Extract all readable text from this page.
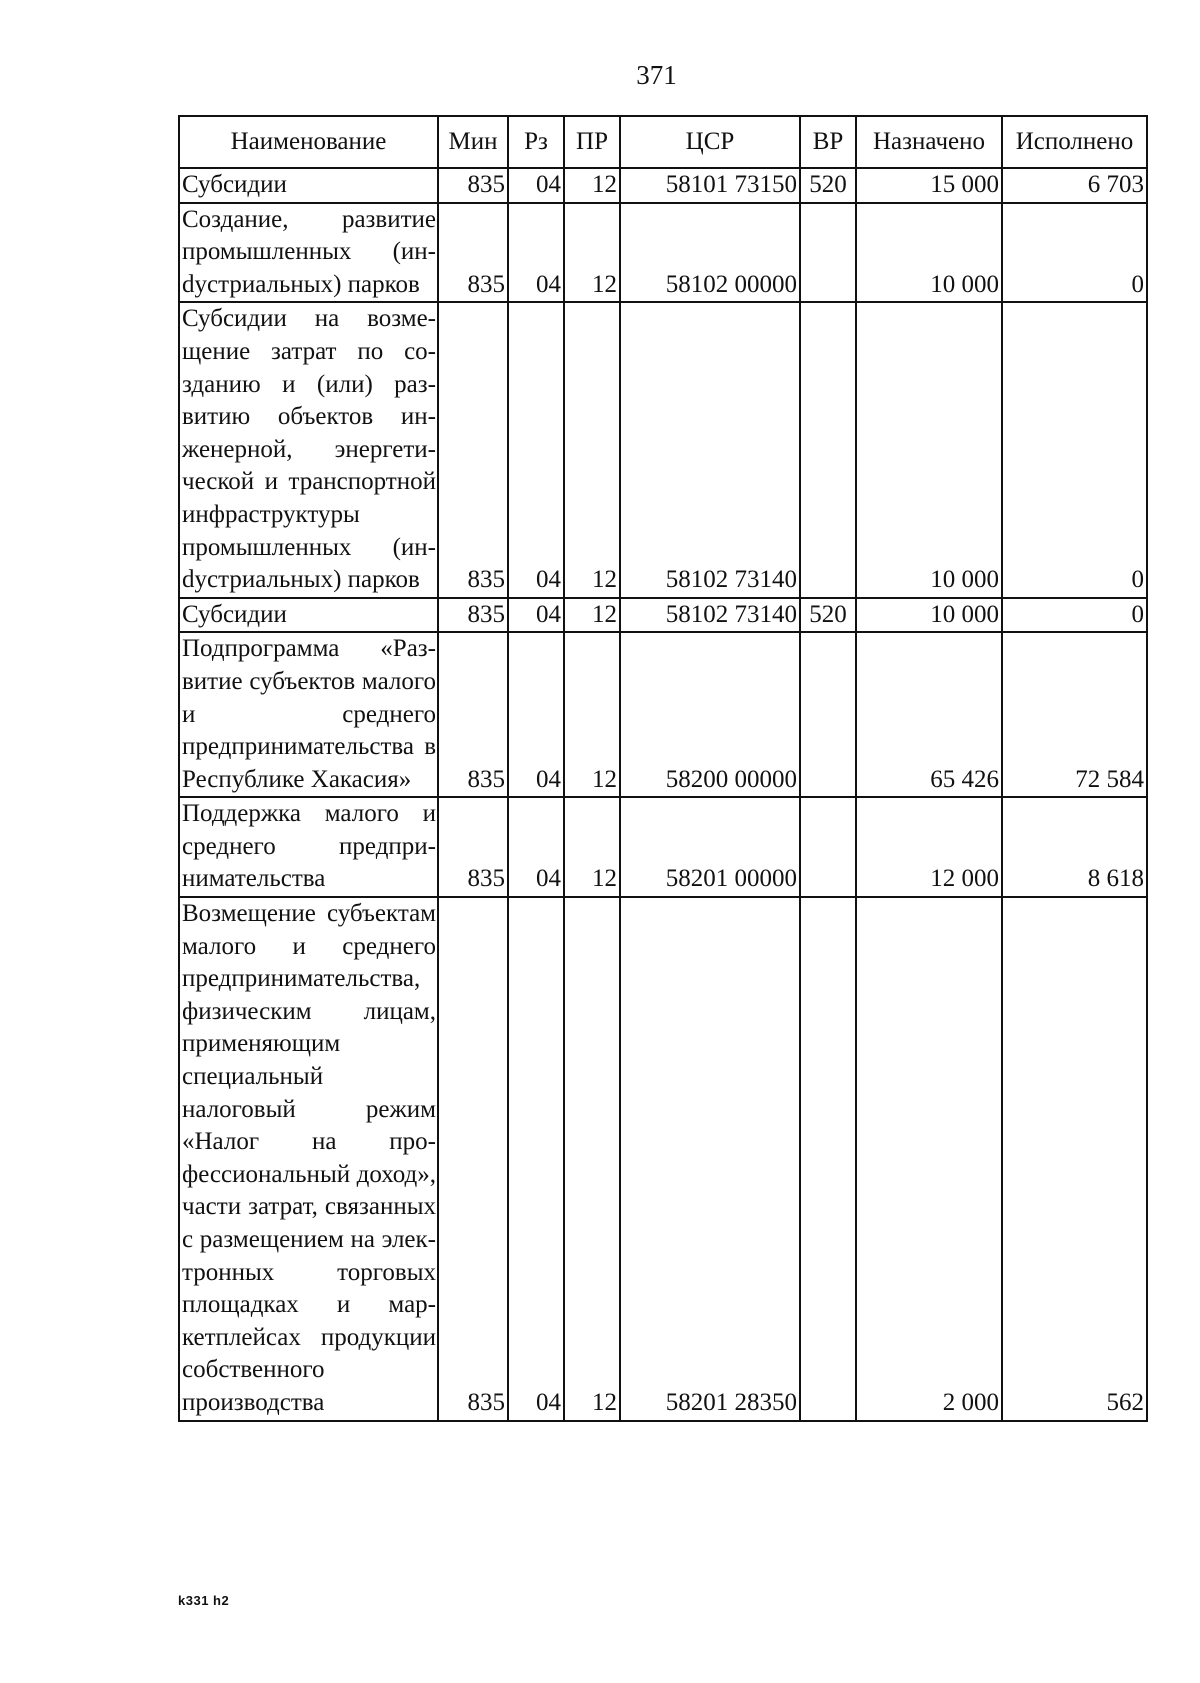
371
Наименование	Мин	Рз	ПР	ЦСР	ВР	Назначено	Исполнено
Субсидии	835	04	12	58101 73150	520	15 000	6 703
Создание, развитие промышленных (инdустриальных) парков	835	04	12	58102 00000		10 000	0
Субсидии на возмещение затрат по созданию и (или) развитию объектов инженерной, энергетической и транспортной инфраструктуры промышленных (инdустриальных) парков	835	04	12	58102 73140		10 000	0
Субсидии	835	04	12	58102 73140	520	10 000	0
Подпрограмма «Развитие субъектов малого и среднего предпринимательства в Республике Хакасия»	835	04	12	58200 00000		65 426	72 584
Поддержка малого и среднего предпринимательства	835	04	12	58201 00000		12 000	8 618
Возмещение субъектам малого и среднего предпринимательства, физическим лицам, применяющим специальный налоговый режим «Налог на профессиональный доход», части затрат, связанных с размещением на электронных торговых площадках и маркетплейсах продукции собственного производства	835	04	12	58201 28350		2 000	562
k331 h2
